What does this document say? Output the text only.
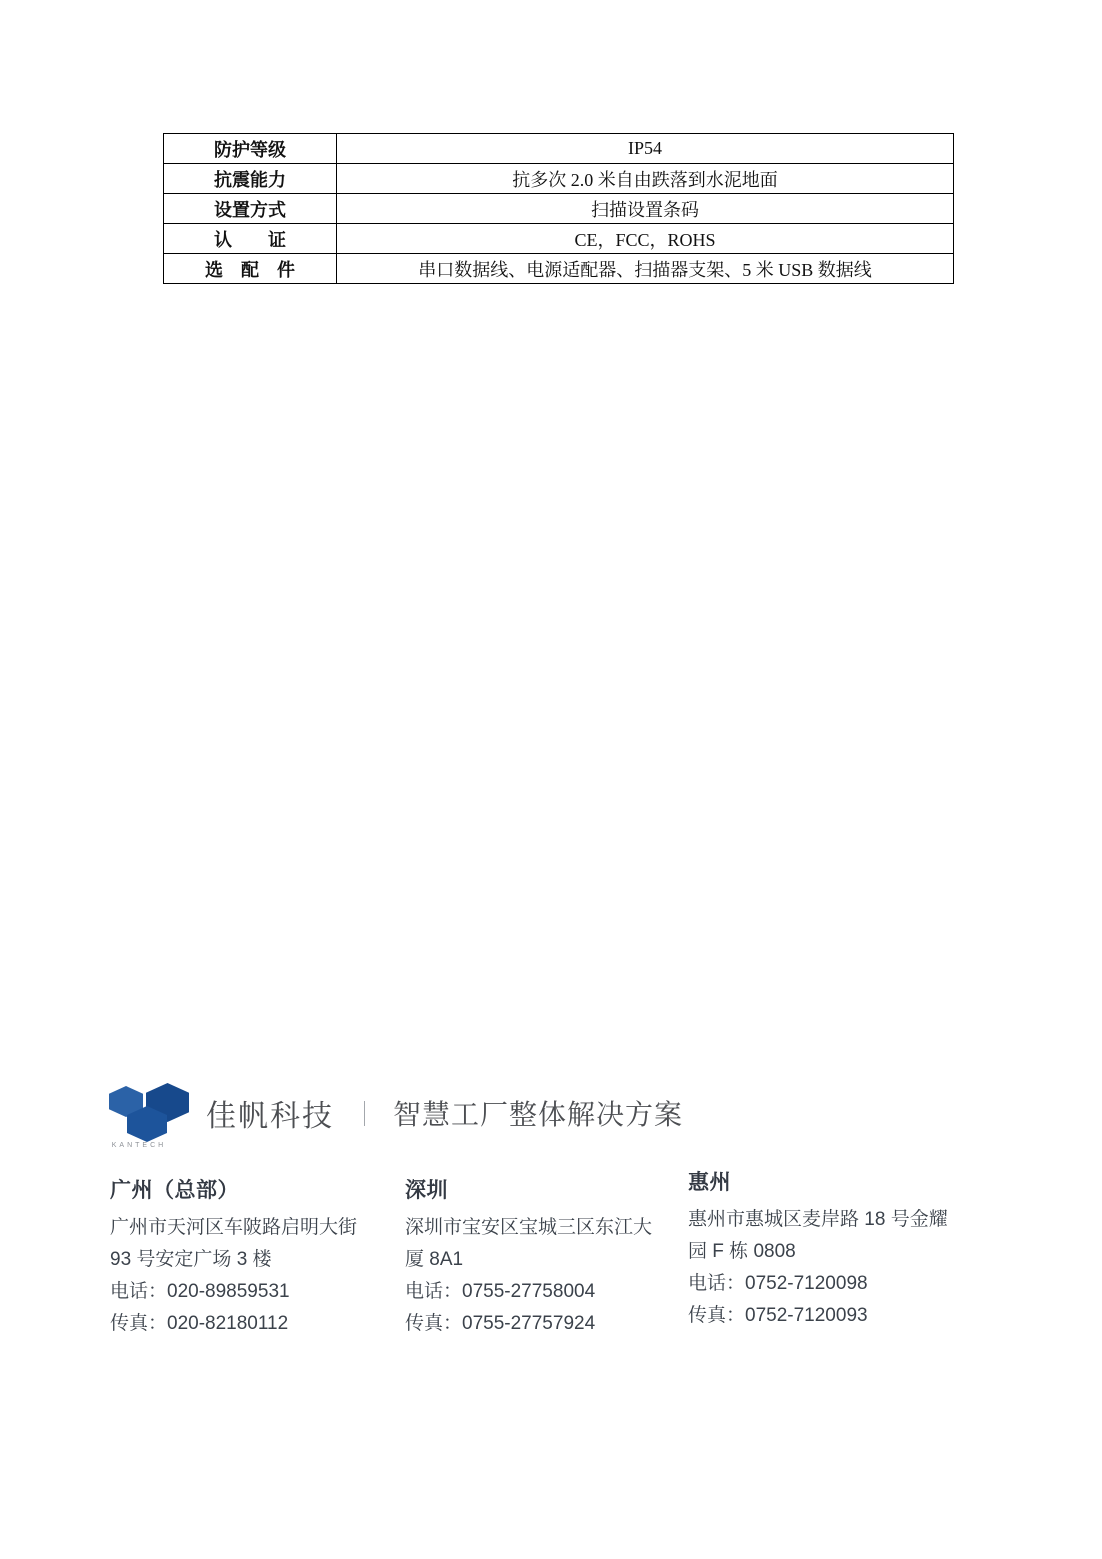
防护等级	IP54
抗震能力	抗多次 2.0 米自由跌落到水泥地面
设置方式	扫描设置条码
认　　证	CE，FCC，ROHS
选　配　件	串口数据线、电源适配器、扫描器支架、5 米 USB 数据线
KANTECH
佳帆科技 ｜ 智慧工厂整体解决方案
广州（总部）

广州市天河区车陂路启明大街

93 号安定广场 3 楼

电话：020-89859531

传真：020-82180112

深圳

深圳市宝安区宝城三区东江大

厦 8A1

电话：0755-27758004

传真：0755-27757924

惠州

惠州市惠城区麦岸路 18 号金耀

园 F 栋 0808

电话：0752-7120098

传真：0752-7120093
